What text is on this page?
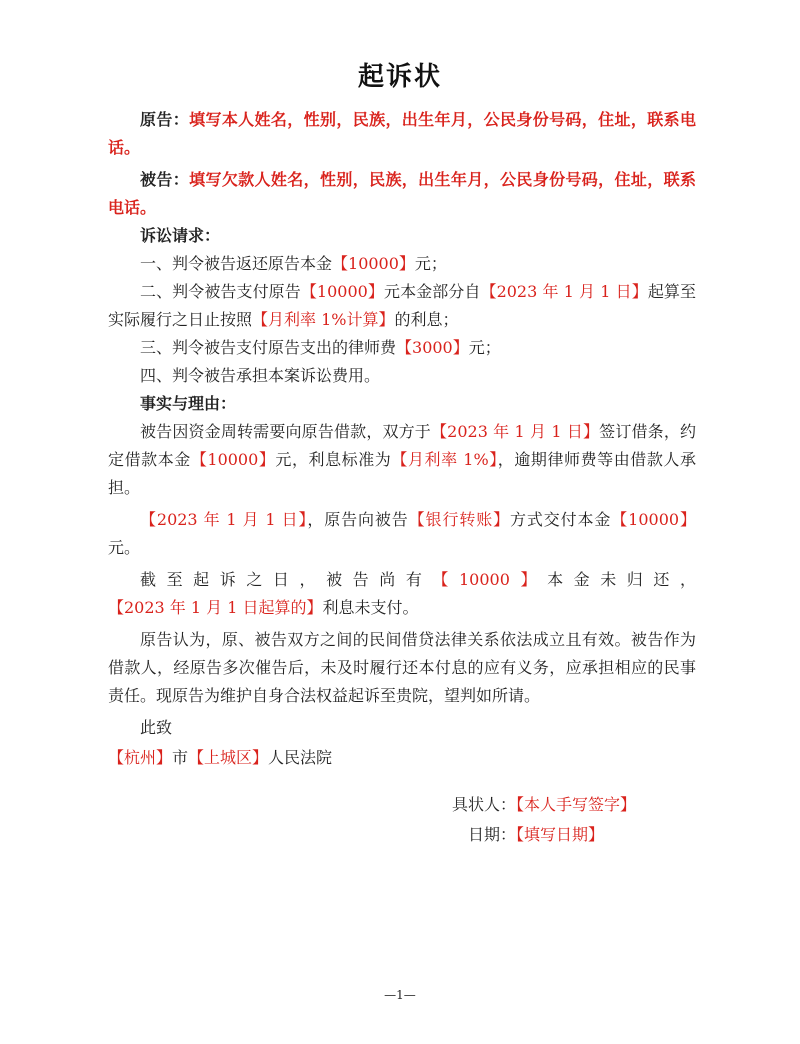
起诉状

原告：填写本人姓名，性别，民族，出生年月，公民身份号码，住址，联系电话。

被告：填写欠款人姓名，性别，民族，出生年月，公民身份号码，住址，联系电话。

诉讼请求：

一、判令被告返还原告本金【10000】元；

二、判令被告支付原告【10000】元本金部分自【2023 年 1 月 1 日】起算至实际履行之日止按照【月利率 1%计算】的利息；

三、判令被告支付原告支出的律师费【3000】元；

四、判令被告承担本案诉讼费用。

事实与理由：

被告因资金周转需要向原告借款，双方于【2023 年 1 月 1 日】签订借条，约定借款本金【10000】元，利息标准为【月利率 1%】，逾期律师费等由借款人承担。

【2023 年 1 月 1 日】，原告向被告【银行转账】方式交付本金【10000】元。

截至起诉之日，被告尚有【10000】本金未归还，【2023 年 1 月 1 日起算的】利息未支付。

原告认为，原、被告双方之间的民间借贷法律关系依法成立且有效。被告作为借款人，经原告多次催告后，未及时履行还本付息的应有义务，应承担相应的民事责任。现原告为维护自身合法权益起诉至贵院，望判如所请。

此致

【杭州】市【上城区】人民法院

具状人：【本人手写签字】
日期：【填写日期】
—1—
